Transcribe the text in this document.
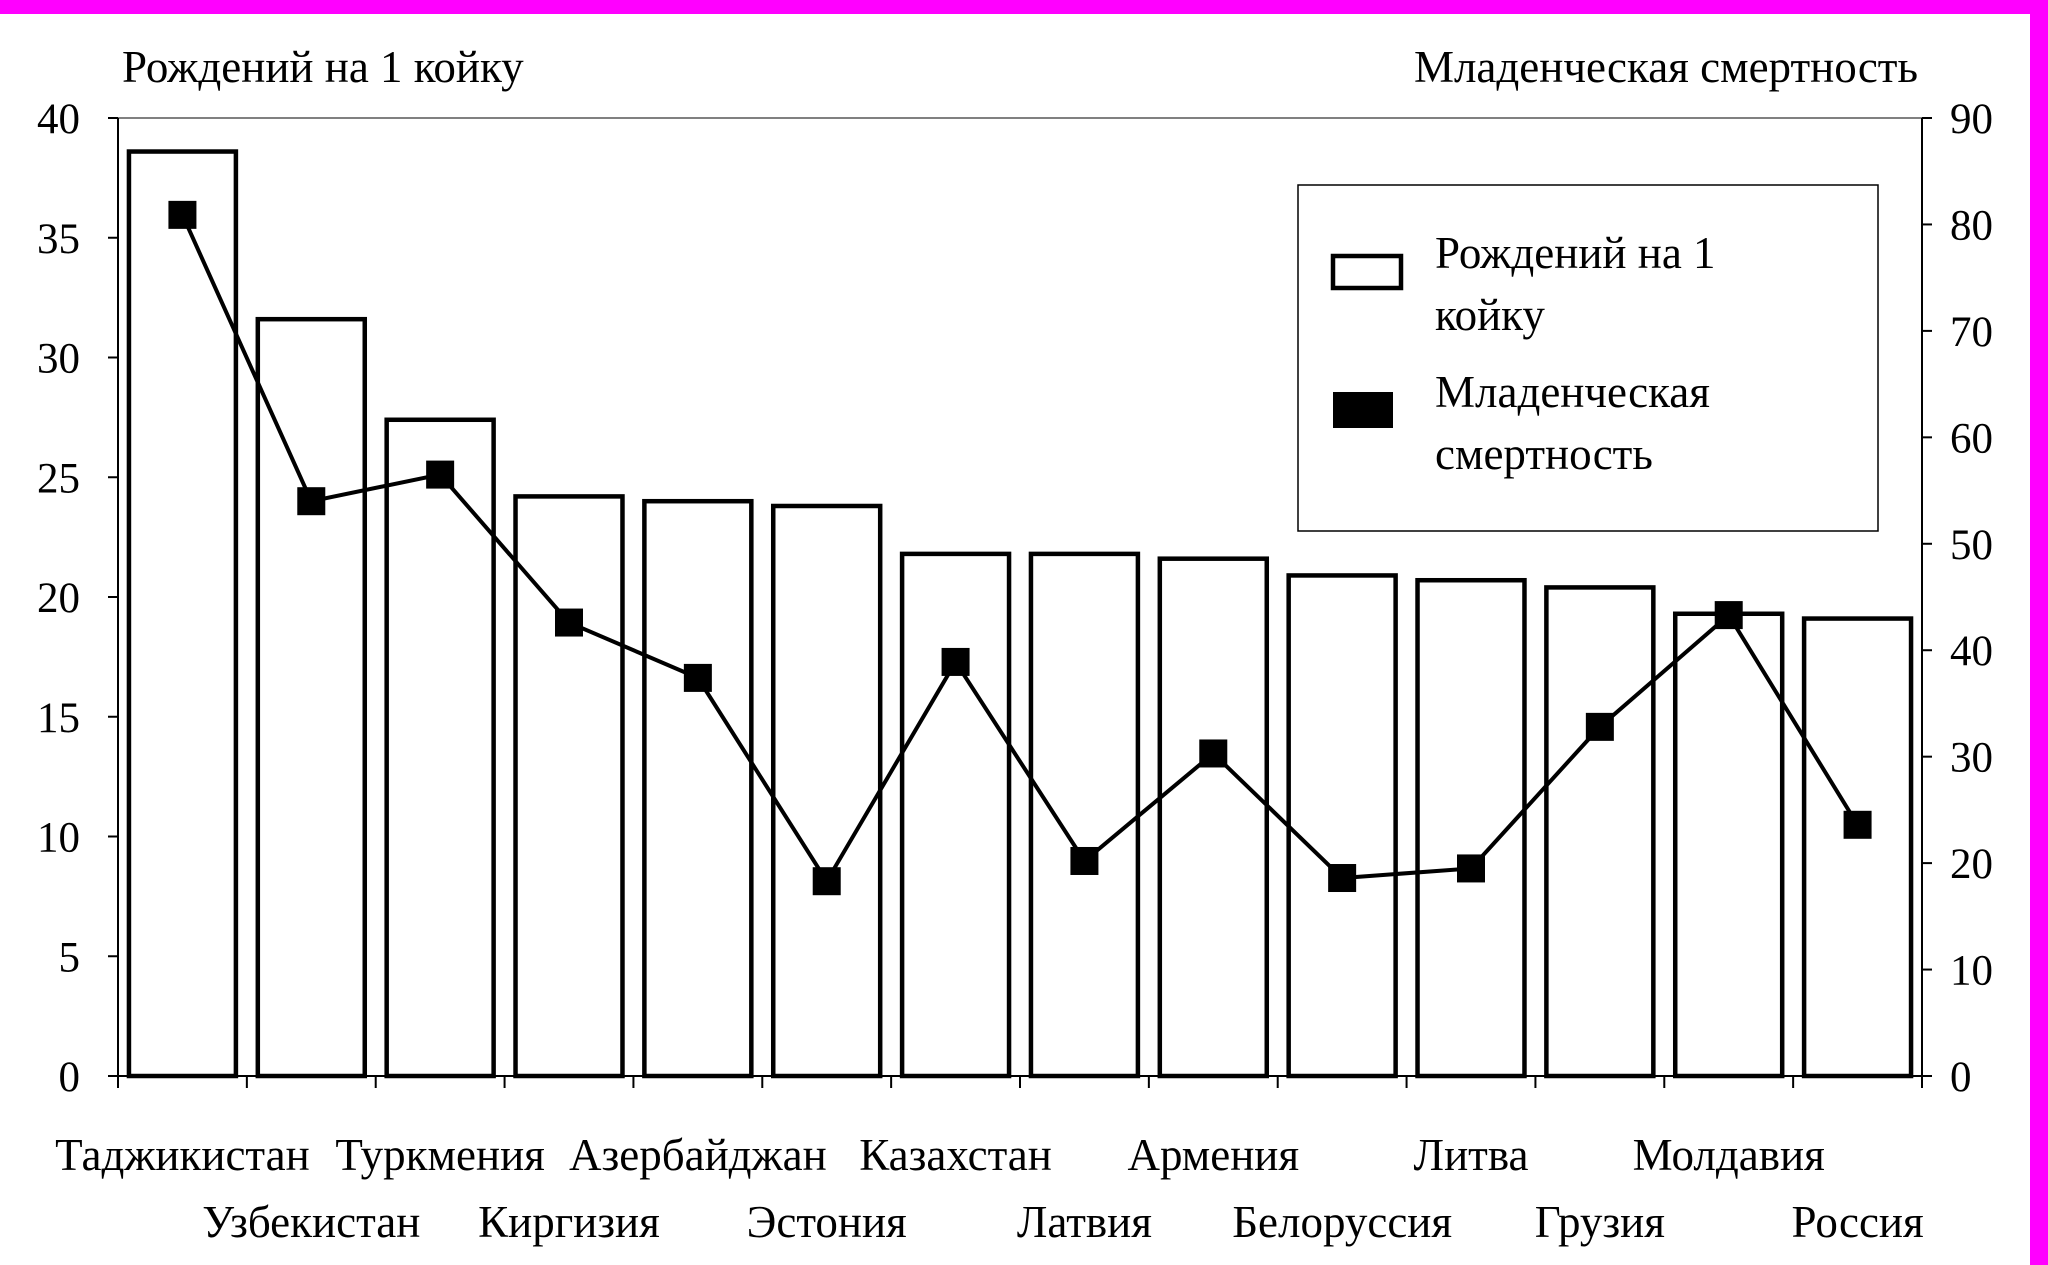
Рождений на 1 койку	Младенческая смертность
0
5
10
15
20
25
30
35
40
0
10
20
30
40
50
60
70
80
90
Таджикистан
Узбекистан
Туркмения
Киргизия
Азербайджан
Эстония
Казахстан
Латвия
Армения
Белоруссия
Литва
Грузия
Молдавия
Россия
Рождений на 1
койку
Младенческая
смертность
